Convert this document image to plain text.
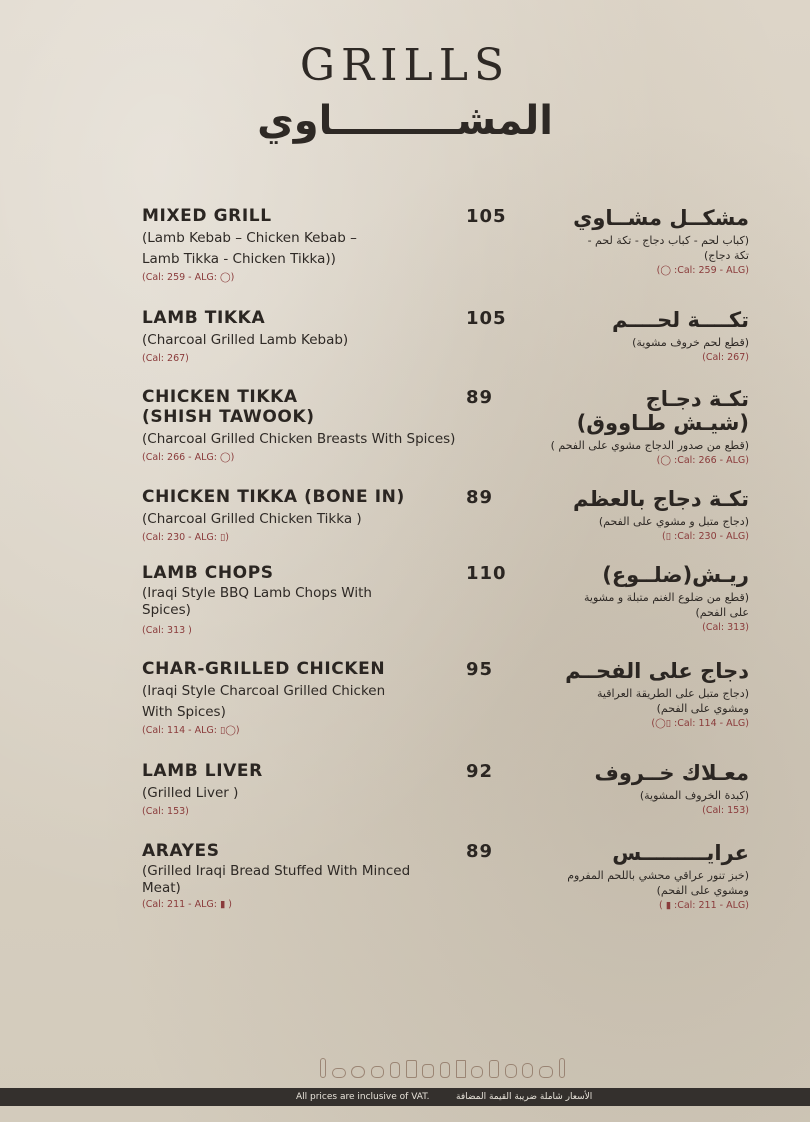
GRILLS
المشـــــــــاوي
MIXED GRILL
(Lamb Kebab – Chicken Kebab –
Lamb Tikka - Chicken Tikka))
(Cal: 259 - ALG: ◯)
105	مشكــل مشــاوي
(كباب لحم - كباب دجاج - تكة لحم -
تكة دجاج)
(Cal: 259 - ALG: ◯)
LAMB TIKKA
(Charcoal Grilled Lamb Kebab)
(Cal: 267)
105	تكــــة لحــــم
(قطع لحم خروف مشوية)
(Cal: 267)
CHICKEN TIKKA
(SHISH TAWOOK)
(Charcoal Grilled Chicken Breasts With Spices)
(Cal: 266 - ALG: ◯)
89	تكـة دجـاج
(شيـش طـاووق)
(قطع من صدور الدجاج مشوي على الفحم )
(Cal: 266 - ALG: ◯)
CHICKEN TIKKA (BONE IN)
(Charcoal Grilled Chicken Tikka )
(Cal: 230 - ALG: ▯)
89	تكـة دجاج بالعظم
(دجاج متبل و مشوي على الفحم)
(Cal: 230 - ALG: ▯)
LAMB CHOPS
(Iraqi Style BBQ Lamb Chops With
Spices)
(Cal: 313 )
110	ريـش(ضلــوع)
(قطع من ضلوع الغنم متبلة و مشوية
على الفحم)
(Cal: 313)
CHAR-GRILLED CHICKEN
(Iraqi Style Charcoal Grilled Chicken
With Spices)
(Cal: 114 - ALG: ▯◯)
95	دجاج على الفحــم
(دجاج متبل على الطريقة العراقية
ومشوي على الفحم)
(Cal: 114 - ALG: ▯◯)
LAMB LIVER
(Grilled Liver )
(Cal: 153)
92	معـلاك خــروف
(كبدة الخروف المشوية)
(Cal: 153)
ARAYES
(Grilled Iraqi Bread Stuffed With Minced
Meat)
(Cal: 211 - ALG: ▮ )
89	عرايـــــــــس
(خبز تنور عراقي محشي باللحم المفروم
ومشوي على الفحم)
(Cal: 211 - ALG: ▮ )
All prices are inclusive of VAT.	الأسعار شاملة ضريبة القيمة المضافة
